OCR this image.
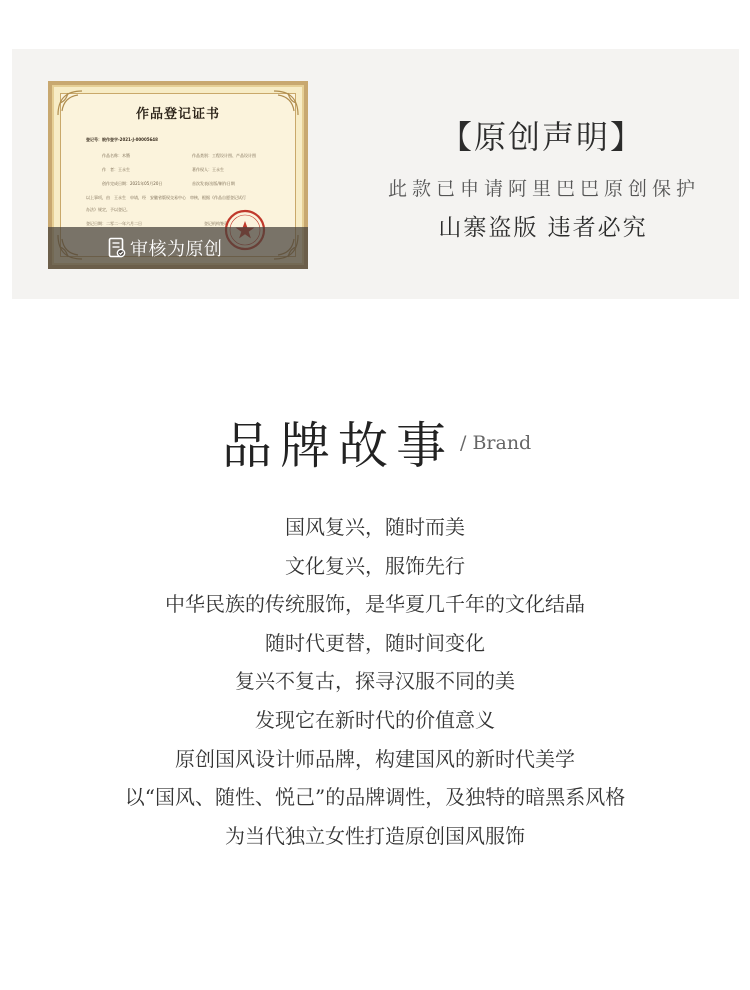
作品登记证书
登记号：皖作登字-2021-J-00005648
作品名称：木簪	作品类别：工程设计图、产品设计图
作　者：王永生	著作权人：王永生
创作完成日期：2021年05月20日	首次发表/出版/制作日期
以上事项，由　王永生　申请，经　安徽省版权交易中心　审核，根据《作品自愿登记试行
办法》规定，予以登记。
登记日期：二零二一年六月二日	登记机构签章
审核为原创
【原创声明】
此款已申请阿里巴巴原创保护
山寨盗版 违者必究
品牌故事 / Brand

国风复兴，随时而美

文化复兴，服饰先行

中华民族的传统服饰，是华夏几千年的文化结晶

随时代更替，随时间变化

复兴不复古，探寻汉服不同的美

发现它在新时代的价值意义

原创国风设计师品牌，构建国风的新时代美学

以“国风、随性、悦己”的品牌调性，及独特的暗黑系风格

为当代独立女性打造原创国风服饰
